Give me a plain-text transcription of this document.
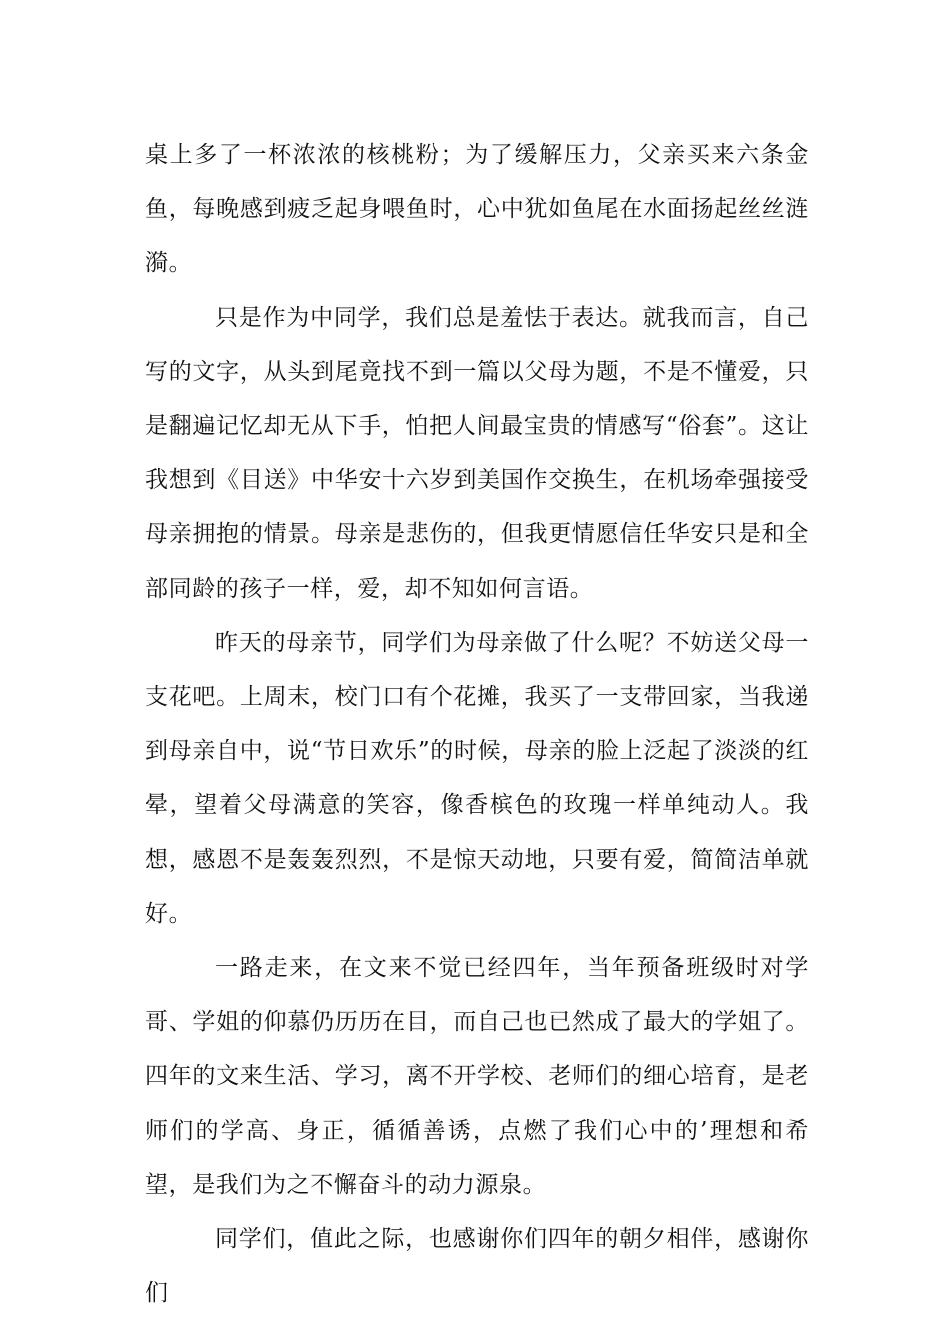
桌上多了一杯浓浓的核桃粉；为了缓解压力，父亲买来六条金鱼，每晚感到疲乏起身喂鱼时，心中犹如鱼尾在水面扬起丝丝涟漪。

只是作为中同学，我们总是羞怯于表达。就我而言，自己写的文字，从头到尾竟找不到一篇以父母为题，不是不懂爱，只是翻遍记忆却无从下手，怕把人间最宝贵的情感写“俗套”。这让我想到《目送》中华安十六岁到美国作交换生，在机场牵强接受母亲拥抱的情景。母亲是悲伤的，但我更情愿信任华安只是和全部同龄的孩子一样，爱，却不知如何言语。

昨天的母亲节，同学们为母亲做了什么呢？不妨送父母一支花吧。上周末，校门口有个花摊，我买了一支带回家，当我递到母亲自中，说“节日欢乐”的时候，母亲的脸上泛起了淡淡的红晕，望着父母满意的笑容，像香槟色的玫瑰一样单纯动人。我想，感恩不是轰轰烈烈，不是惊天动地，只要有爱，简简洁单就好。

一路走来，在文来不觉已经四年，当年预备班级时对学哥、学姐的仰慕仍历历在目，而自己也已然成了最大的学姐了。四年的文来生活、学习，离不开学校、老师们的细心培育，是老师们的学高、身正，循循善诱，点燃了我们心中的’理想和希望，是我们为之不懈奋斗的动力源泉。

同学们，值此之际，也感谢你们四年的朝夕相伴，感谢你们
